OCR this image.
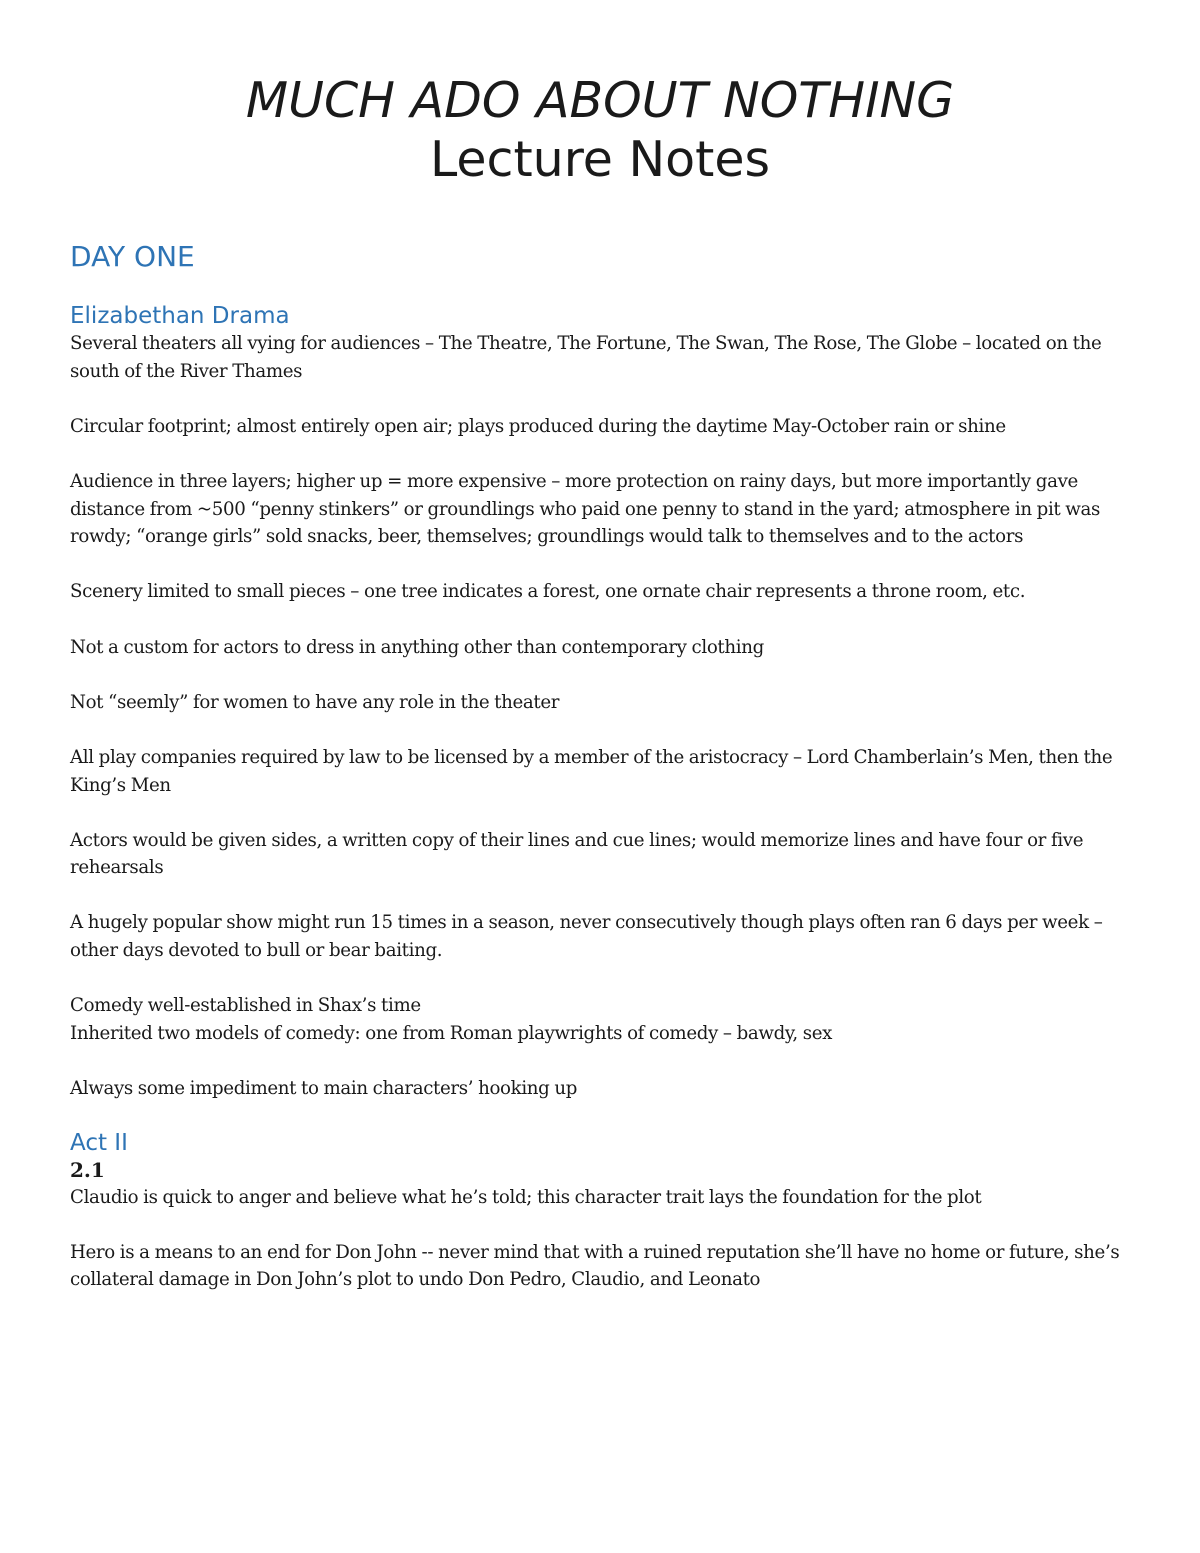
MUCH ADO ABOUT NOTHING
Lecture Notes
DAY ONE
Elizabethan Drama

Several theaters all vying for audiences – The Theatre, The Fortune, The Swan, The Rose, The Globe – located on the south of the River Thames

Circular footprint; almost entirely open air; plays produced during the daytime May-October rain or shine

Audience in three layers; higher up = more expensive – more protection on rainy days, but more importantly gave distance from ~500 “penny stinkers” or groundlings who paid one penny to stand in the yard; atmosphere in pit was rowdy; “orange girls” sold snacks, beer, themselves; groundlings would talk to themselves and to the actors

Scenery limited to small pieces – one tree indicates a forest, one ornate chair represents a throne room, etc.

Not a custom for actors to dress in anything other than contemporary clothing

Not “seemly” for women to have any role in the theater

All play companies required by law to be licensed by a member of the aristocracy – Lord Chamberlain’s Men, then the King’s Men

Actors would be given sides, a written copy of their lines and cue lines; would memorize lines and have four or five rehearsals

A hugely popular show might run 15 times in a season, never consecutively though plays often ran 6 days per week – other days devoted to bull or bear baiting.

Comedy well-established in Shax’s time

Inherited two models of comedy: one from Roman playwrights of comedy – bawdy, sex

Always some impediment to main characters’ hooking up

Act II
2.1

Claudio is quick to anger and believe what he’s told; this character trait lays the foundation for the plot

Hero is a means to an end for Don John -- never mind that with a ruined reputation she’ll have no home or future, she’s collateral damage in Don John’s plot to undo Don Pedro, Claudio, and Leonato
